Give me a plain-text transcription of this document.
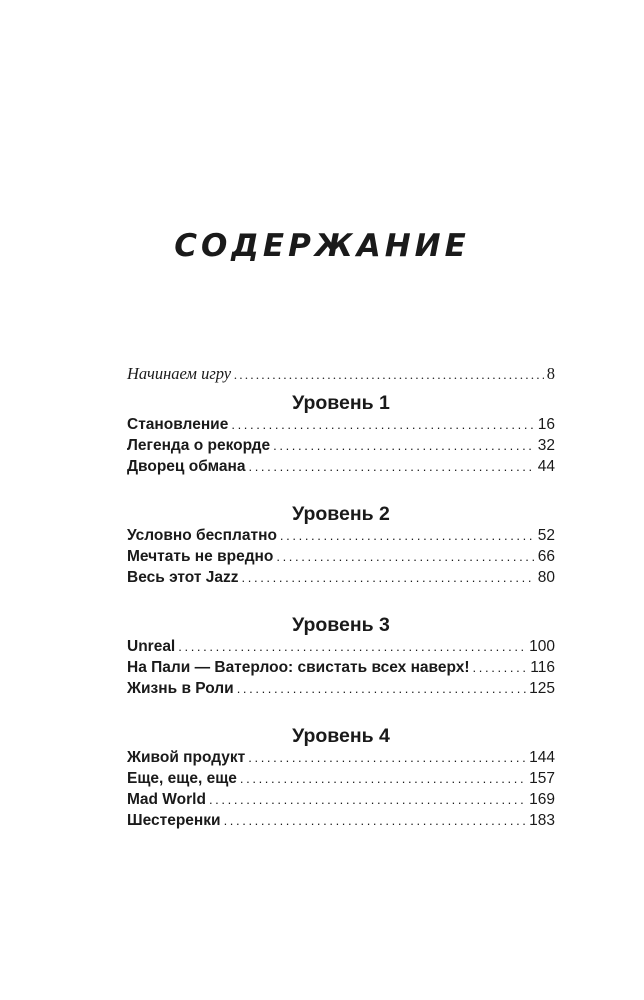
СОДЕРЖАНИЕ
Начинаем игру . . .	8
Уровень 1
Становление . . .	16
Легенда о рекорде . . .	32
Дворец обмана . . .	44
Уровень 2
Условно бесплатно . . .	52
Мечтать не вредно . . .	66
Весь этот Jazz . . .	80
Уровень 3
Unreal . . .	100
На Пали — Ватерлоо: свистать всех наверх! . . .	116
Жизнь в Роли . . .	125
Уровень 4
Живой продукт . . .	144
Еще, еще, еще . . .	157
Mad World . . .	169
Шестеренки . . .	183
